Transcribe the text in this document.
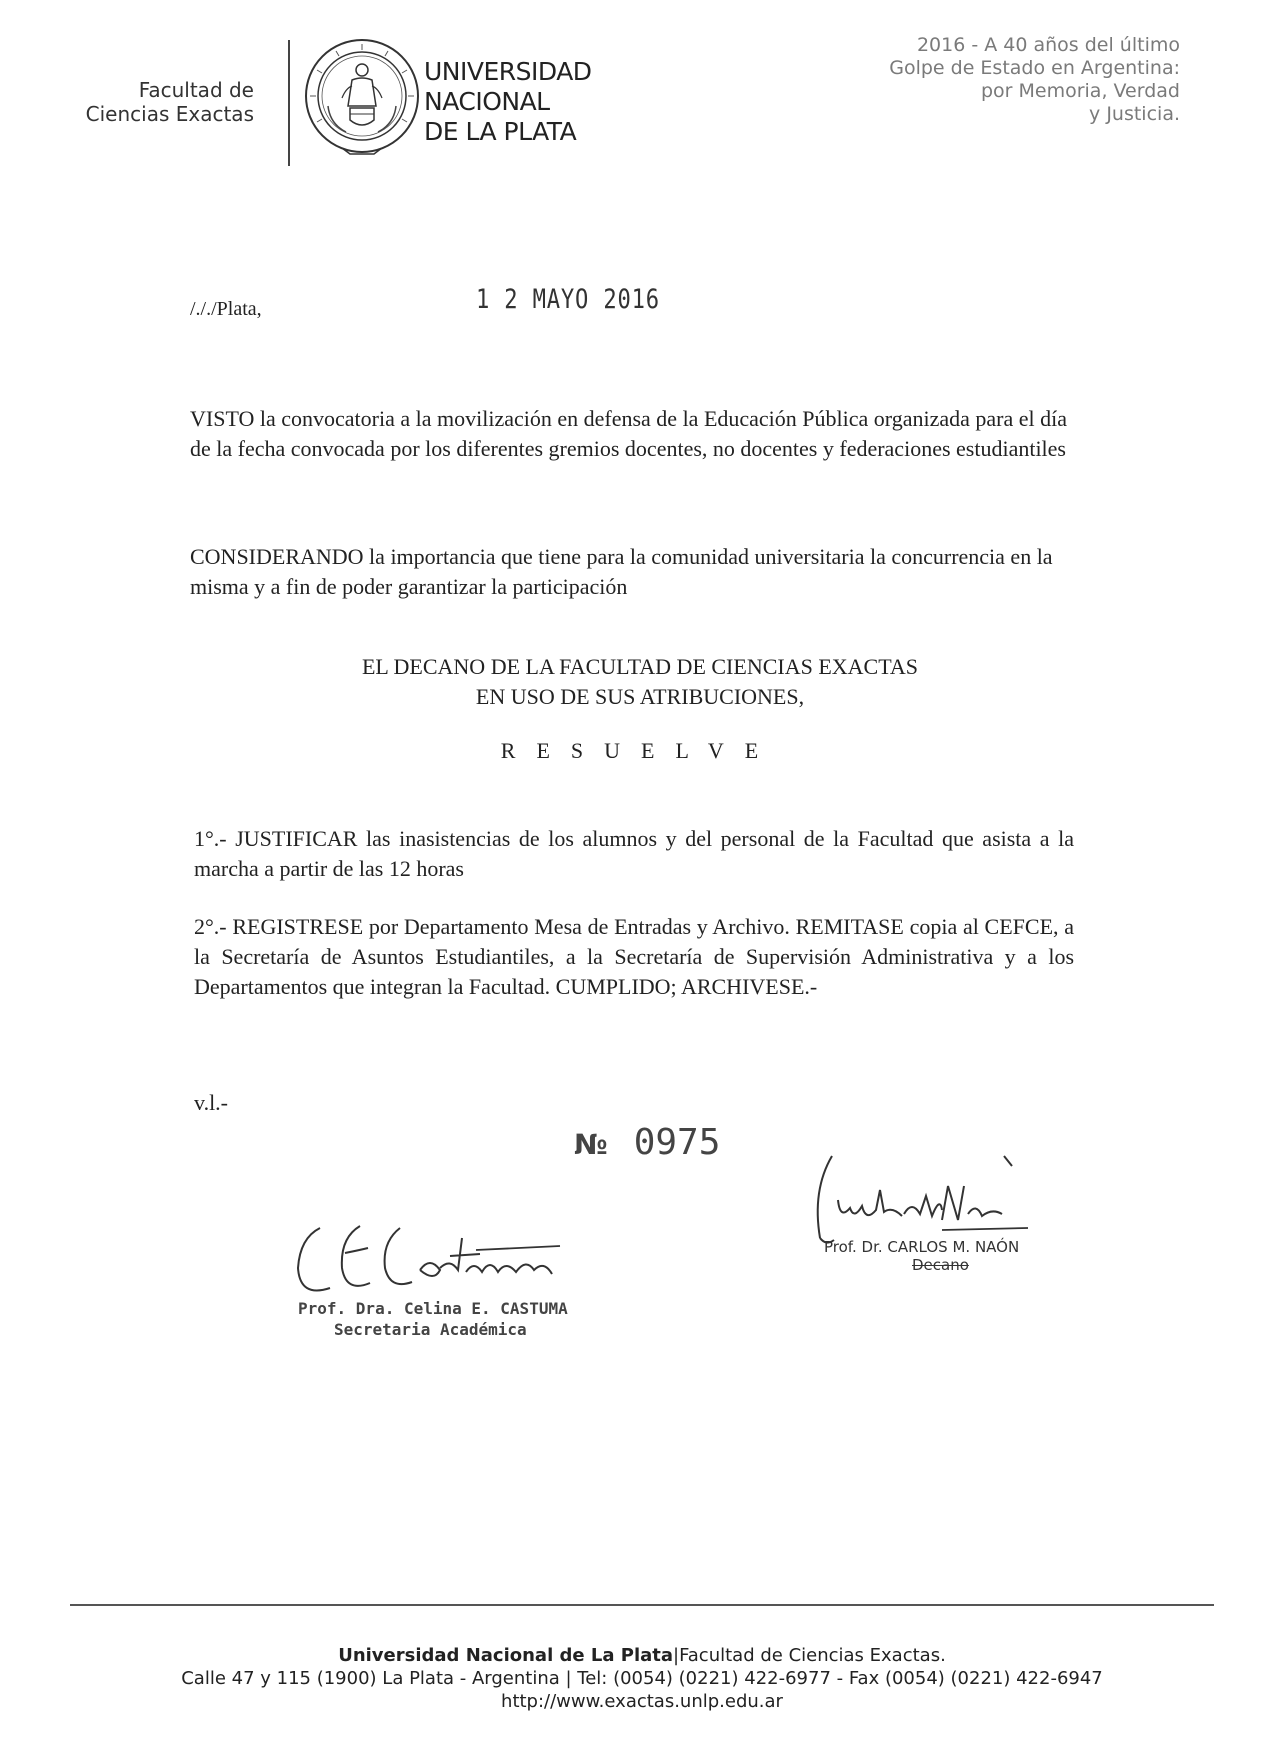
Facultad de
Ciencias Exactas
UNIVERSIDAD
NACIONAL
DE LA PLATA
2016 - A 40 años del último
Golpe de Estado en Argentina:
por Memoria, Verdad
y Justicia.
/././Plata,	1 2 MAYO 2016
VISTO la convocatoria a la movilización en defensa de la Educación Pública organizada para el día de la fecha convocada por los diferentes gremios docentes, no docentes y federaciones estudiantiles
CONSIDERANDO la importancia que tiene para la comunidad universitaria la concurrencia en la misma y a fin de poder garantizar la participación
EL DECANO DE LA FACULTAD DE CIENCIAS EXACTAS
EN USO DE SUS ATRIBUCIONES,
RESUELVE
1°.- JUSTIFICAR las inasistencias de los alumnos y del personal de la Facultad que asista a la marcha a partir de las 12 horas
2°.- REGISTRESE por Departamento Mesa de Entradas y Archivo. REMITASE copia al CEFCE, a la Secretaría de Asuntos Estudiantiles, a la Secretaría de Supervisión Administrativa y a los Departamentos que integran la Facultad. CUMPLIDO; ARCHIVESE.-
v.l.-
№ 0975
Prof. Dra. Celina E. CASTUMA
Secretaria Académica
Prof. Dr. CARLOS M. NAÓN
Decano
Universidad Nacional de La Plata|Facultad de Ciencias Exactas.
Calle 47 y 115 (1900) La Plata - Argentina | Tel: (0054) (0221) 422-6977 - Fax (0054) (0221) 422-6947
http://www.exactas.unlp.edu.ar
